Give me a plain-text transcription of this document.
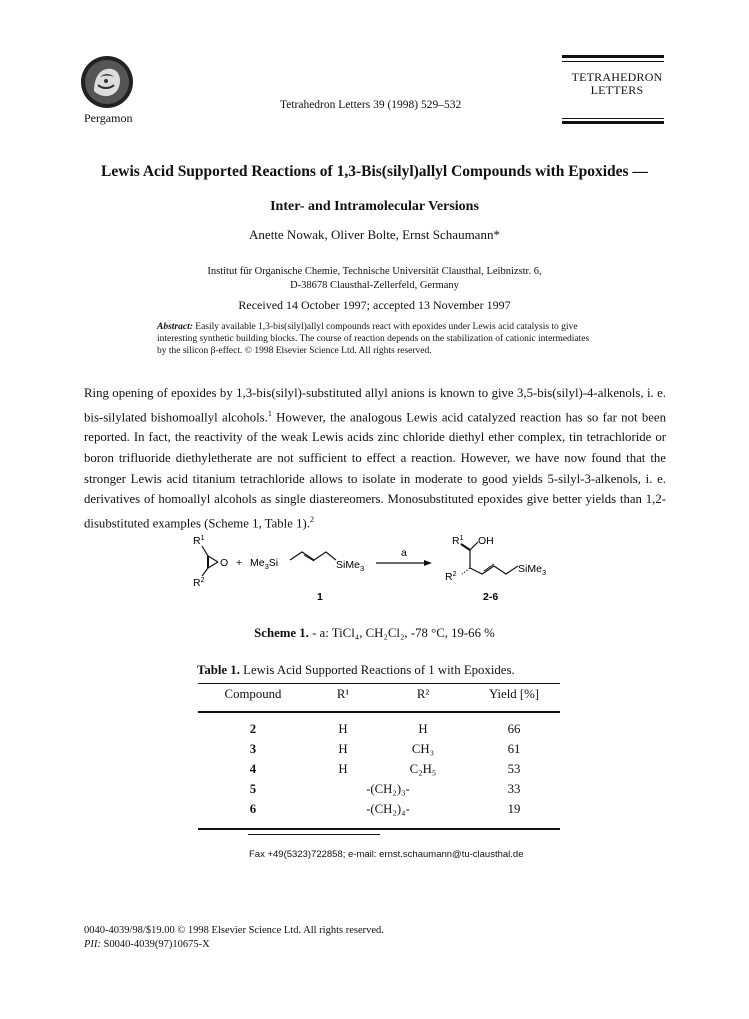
Pergamon
Tetrahedron Letters 39 (1998) 529–532
TETRAHEDRON
LETTERS
Lewis Acid Supported Reactions of 1,3-Bis(silyl)allyl Compounds with Epoxides —
Inter- and Intramolecular Versions
Anette Nowak, Oliver Bolte, Ernst Schaumann*
Institut für Organische Chemie, Technische Universität Clausthal, Leibnizstr. 6,
D-38678 Clausthal-Zellerfeld, Germany
Received 14 October 1997; accepted 13 November 1997
Abstract: Easily available 1,3-bis(silyl)allyl compounds react with epoxides under Lewis acid catalysis to give interesting synthetic building blocks. The course of reaction depends on the stabilization of cationic intermediates by the silicon β-effect. © 1998 Elsevier Science Ltd. All rights reserved.
Ring opening of epoxides by 1,3-bis(silyl)-substituted allyl anions is known to give 3,5-bis(silyl)-4-alkenols, i. e. bis-silylated bishomoallyl alcohols.$^1$ However, the analogous Lewis acid catalyzed reaction has so far not been reported. In fact, the reactivity of the weak Lewis acids zinc chloride diethyl ether complex, tin tetrachloride or boron trifluoride diethyletherate are not sufficient to effect a reaction. However, we have now found that the stronger Lewis acid titanium tetrachloride allows to isolate in moderate to good yields 5-silyl-3-alkenols, i. e. derivatives of homoallyl alcohols as single diastereomers. Monosubstituted epoxides give better yields than 1,2-disubstituted examples (Scheme 1, Table 1).$^2$
$R^1$
O
$R^2$
+ $Me_3Si$	SiMe$_3$
1
a
$R^1$ OH
$R^2$	SiMe$_3$
2-6
Scheme 1. - a: TiCl₄, CH₂Cl₂, -78 °C, 19-66 %
Table 1. Lewis Acid Supported Reactions of 1 with Epoxides.
Compound	R¹	R²	Yield [%]
2	H	H	66
3	H	CH₃	61
4	H	C₂H₅	53
5	-(CH₂)₃-		33
6	-(CH₂)₄-		19
Fax +49(5323)722858; e-mail: ernst.schaumann@tu-clausthal.de
0040-4039/98/$19.00 © 1998 Elsevier Science Ltd. All rights reserved.
PII: S0040-4039(97)10675-X
